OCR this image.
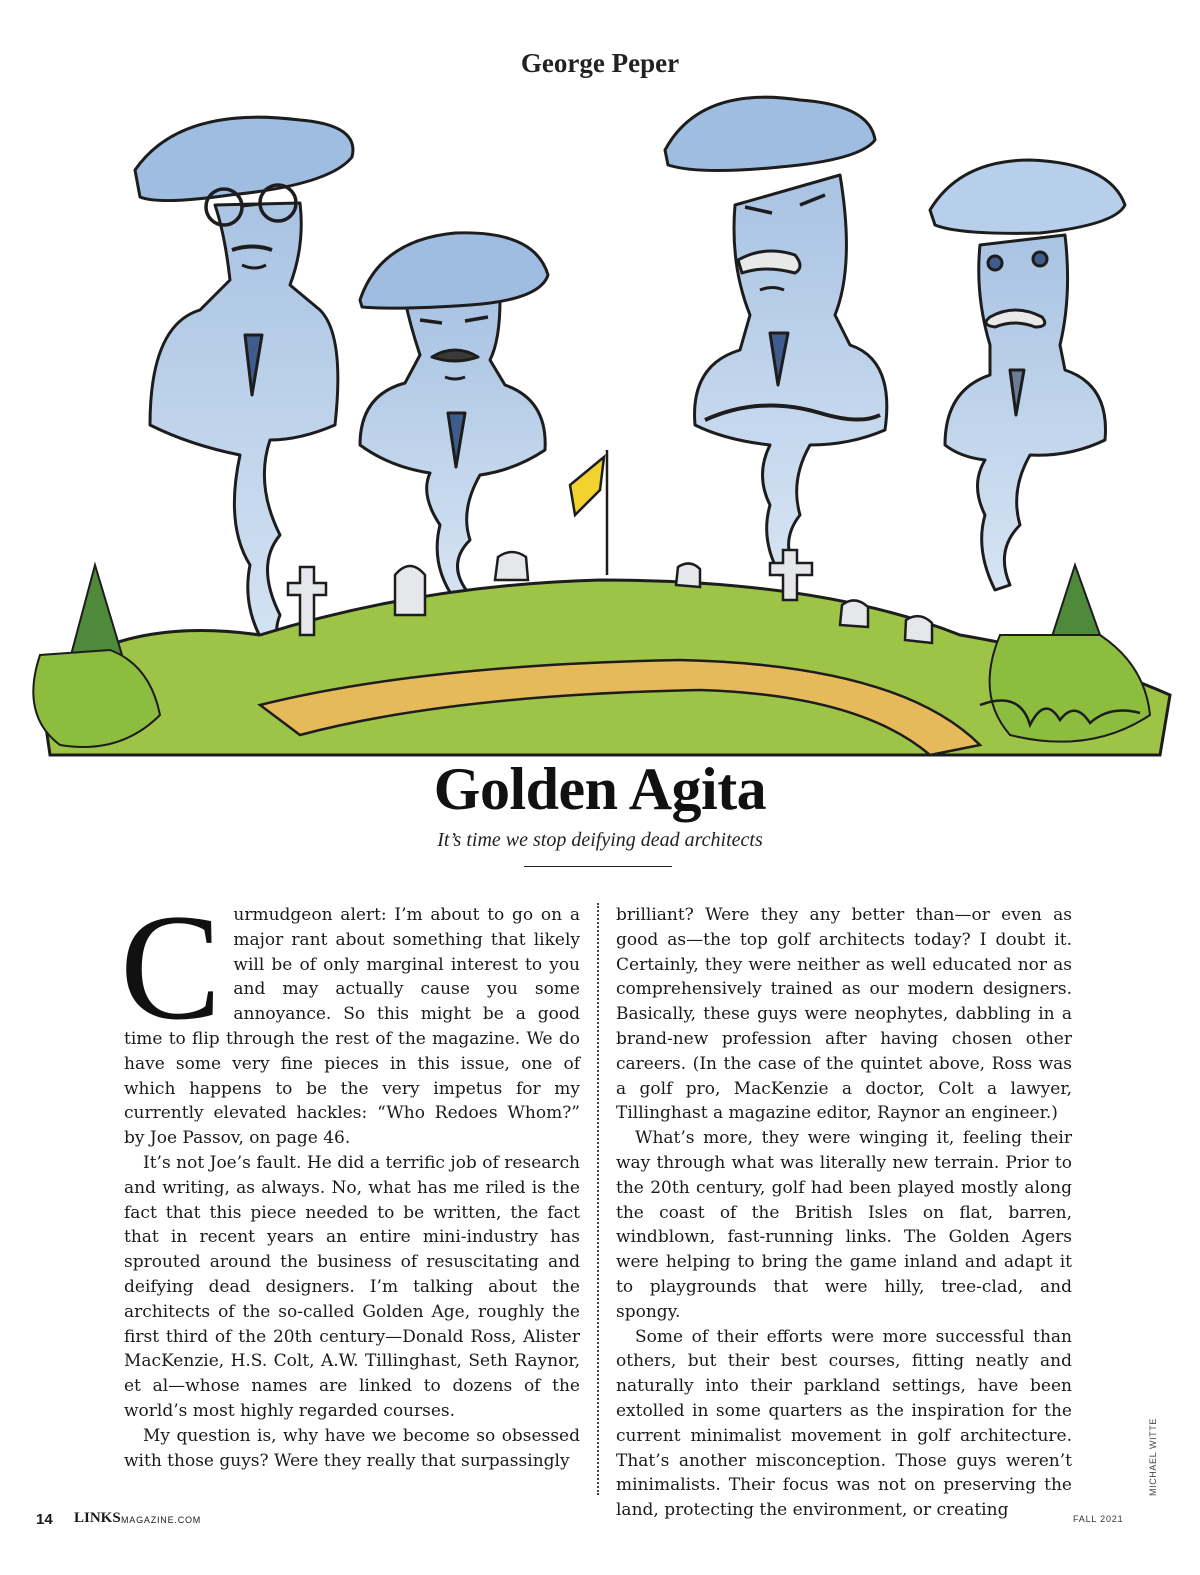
George Peper
Golden Agita
It’s time we stop deifying dead architects
C urmudgeon alert: I’m about to go on a major rant about something that likely will be of only marginal interest to you and may actually cause you some annoyance. So this might be a good time to flip through the rest of the magazine. We do have some very fine pieces in this issue, one of which happens to be the very impetus for my currently elevated hackles: “Who Redoes Whom?” by Joe Passov, on page 46.

It’s not Joe’s fault. He did a terrific job of research and writing, as always. No, what has me riled is the fact that this piece needed to be written, the fact that in recent years an entire mini-industry has sprouted around the business of resuscitating and deifying dead designers. I’m talking about the architects of the so-called Golden Age, roughly the first third of the 20th century—Donald Ross, Alister MacKenzie, H.S. Colt, A.W. Tillinghast, Seth Raynor, et al—whose names are linked to dozens of the world’s most highly regarded courses.

My question is, why have we become so obsessed with those guys? Were they really that surpassingly

brilliant? Were they any better than—or even as good as—the top golf architects today? I doubt it. Certainly, they were neither as well educated nor as comprehensively trained as our modern designers. Basically, these guys were neophytes, dabbling in a brand-new profession after having chosen other careers. (In the case of the quintet above, Ross was a golf pro, MacKenzie a doctor, Colt a lawyer, Tillinghast a magazine editor, Raynor an engineer.)

What’s more, they were winging it, feeling their way through what was literally new terrain. Prior to the 20th century, golf had been played mostly along the coast of the British Isles on flat, barren, windblown, fast-running links. The Golden Agers were helping to bring the game inland and adapt it to playgrounds that were hilly, tree-clad, and spongy.

Some of their efforts were more successful than others, but their best courses, fitting neatly and naturally into their parkland settings, have been extolled in some quarters as the inspiration for the current minimalist movement in golf architecture. That’s another misconception. Those guys weren’t minimalists. Their focus was not on preserving the land, protecting the environment, or creating

MICHAEL WITTE
14 LINKS MAGAZINE.COM	FALL 2021
